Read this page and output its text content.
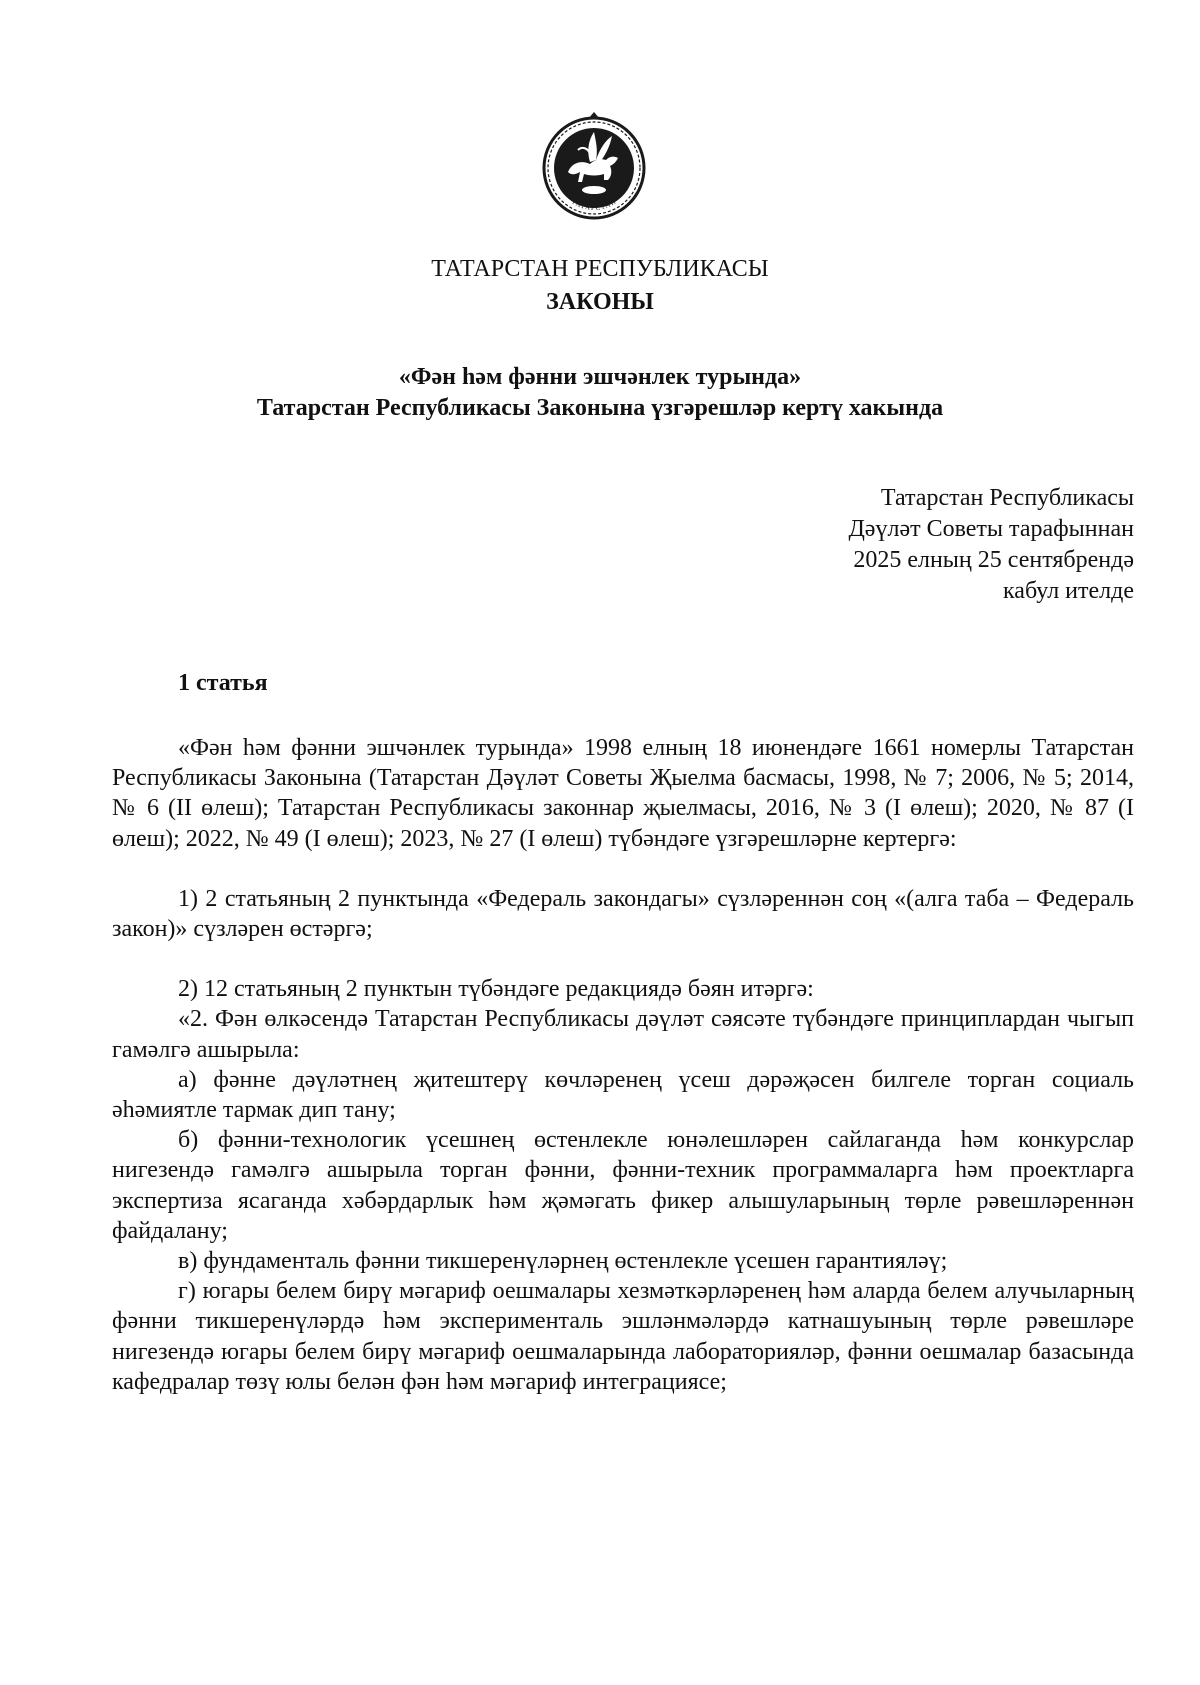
ТАТАРСТАН
ТАТАРСТАН РЕСПУБЛИКАСЫ
ЗАКОНЫ
«Фән һәм фәнни эшчәнлек турында»
Татарстан Республикасы Законына үзгәрешләр кертү хакында
Татарстан Республикасы
Дәүләт Советы тарафыннан
2025 елның 25 сентябрендә
кабул ителде
1 статья

«Фән һәм фәнни эшчәнлек турында» 1998 елның 18 июнендәге 1661 номерлы Татарстан Республикасы Законына (Татарстан Дәүләт Советы Җыелма басмасы, 1998, № 7; 2006, № 5; 2014, № 6 (II өлеш); Татарстан Республикасы законнар җыелмасы, 2016, № 3 (I өлеш); 2020, № 87 (I өлеш); 2022, № 49 (I өлеш); 2023, № 27 (I өлеш) түбәндәге үзгәрешләрне кертергә:

1) 2 статьяның 2 пунктында «Федераль закондагы» сүзләреннән соң «(алга таба – Федераль закон)» сүзләрен өстәргә;

2) 12 статьяның 2 пунктын түбәндәге редакциядә бәян итәргә:

«2. Фән өлкәсендә Татарстан Республикасы дәүләт сәясәте түбәндәге принциплардан чыгып гамәлгә ашырыла:

а) фәнне дәүләтнең җитештерү көчләренең үсеш дәрәҗәсен билгеле торган социаль әһәмиятле тармак дип тану;

б) фәнни-технологик үсешнең өстенлекле юнәлешләрен сайлаганда һәм конкурслар нигезендә гамәлгә ашырыла торган фәнни, фәнни-техник программаларга һәм проектларга экспертиза ясаганда хәбәрдарлык һәм җәмәгать фикер алышуларының төрле рәвешләреннән файдалану;

в) фундаменталь фәнни тикшеренүләрнең өстенлекле үсешен гарантияләү;

г) югары белем бирү мәгариф оешмалары хезмәткәрләренең һәм аларда белем алучыларның фәнни тикшеренүләрдә һәм эксперименталь эшләнмәләрдә катнашуының төрле рәвешләре нигезендә югары белем бирү мәгариф оешмаларында лабораторияләр, фәнни оешмалар базасында кафедралар төзү юлы белән фән һәм мәгариф интеграциясе;
